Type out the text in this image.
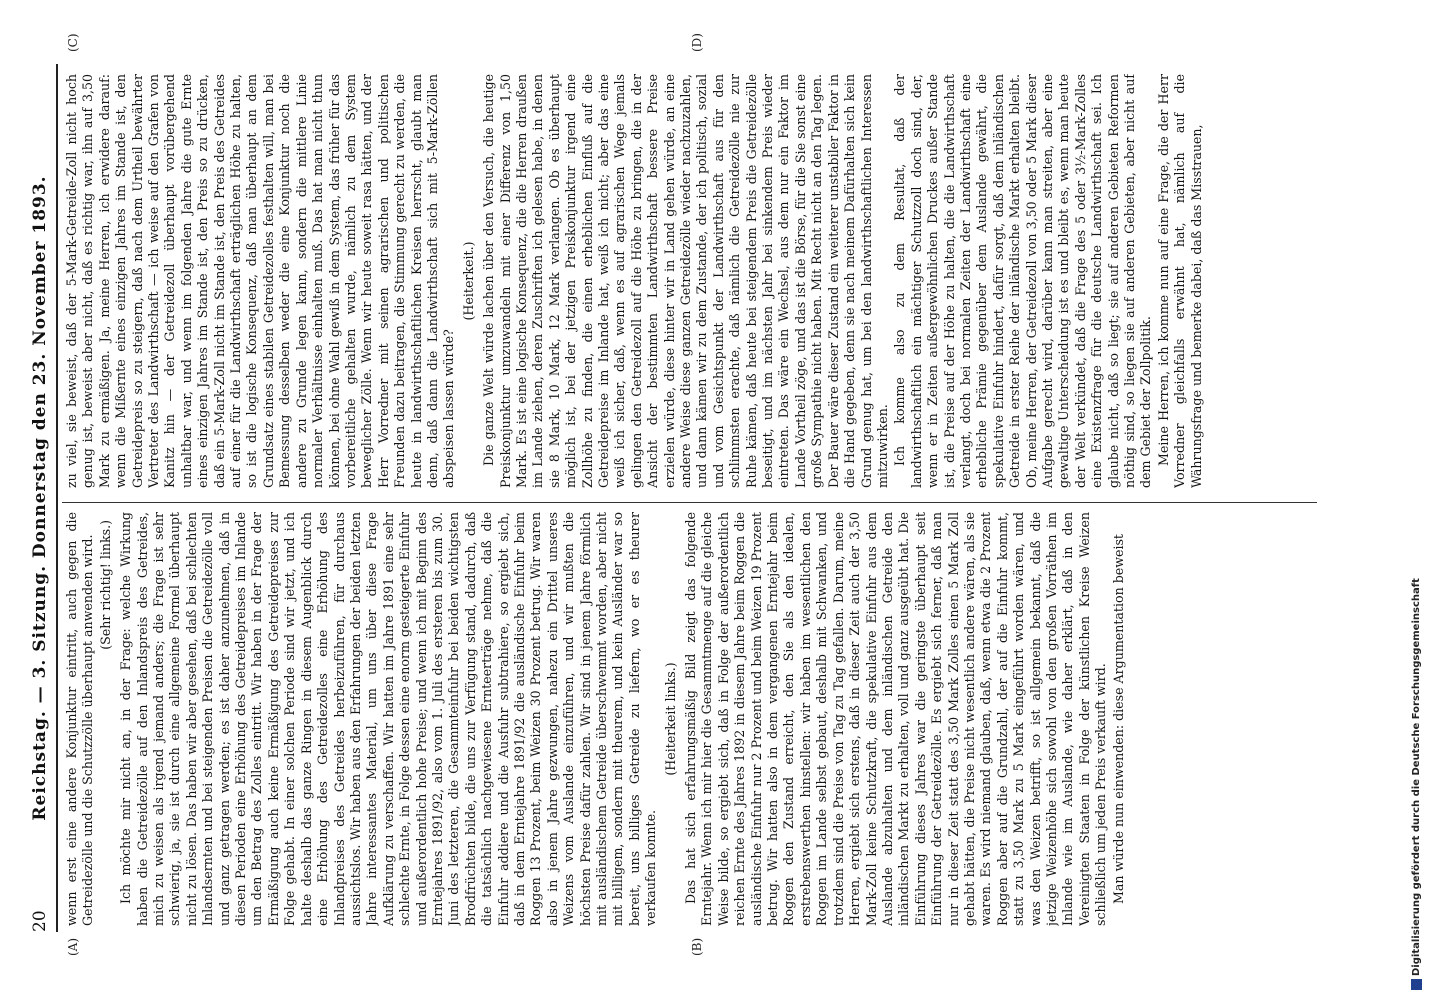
20
Reichstag. — 3. Sitzung. Donnerstag den 23. November 1893.
(A)	(B)
(C)	(D)

wenn erst eine andere Konjunktur eintritt, auch gegen die Getreidezölle und die Schutzzölle überhaupt anwenden wird. (Sehr richtig! links.) Ich möchte mir nicht an, in der Frage: welche Wirkung haben die Getreidezölle auf den Inlandspreis des Getreides, mich zu weisen als irgend jemand anders; die Frage ist sehr schwierig, ja, sie ist durch eine allgemeine Formel überhaupt nicht zu lösen. Das haben wir aber gesehen, daß bei schlechten Inlandsernten und bei steigenden Preisen die Getreidezölle voll und ganz getragen werden; es ist daher anzunehmen, daß in diesen Perioden eine Erhöhung des Getreidepreises im Inlande um den Betrag des Zolles eintritt. Wir haben in der Frage der Ermäßigung auch keine Ermäßigung des Getreidepreises zur Folge gehabt. In einer solchen Periode sind wir jetzt, und ich halte deshalb das ganze Ringen in diesem Augenblick durch eine Erhöhung des Getreidezolles eine Erhöhung des Inlandpreises des Getreides herbeizuführen, für durchaus aussichtslos. Wir haben aus den Erfahrungen der beiden letzten Jahre interessantes Material, um uns über diese Frage Aufklärung zu verschaffen. Wir hatten im Jahre 1891 eine sehr schlechte Ernte, in Folge dessen eine enorm gesteigerte Einfuhr und außerordentlich hohe Preise; und wenn ich mit Beginn des Erntejahres 1891/92, also vom 1. Juli des ersteren bis zum 30. Juni des letzteren, die Gesammteinfuhr bei beiden wichtigsten Brodfrüchten bilde, die uns zur Verfügung stand, dadurch, daß die tatsächlich nachgewiesene Ernteerträge nehme, daß die Einfuhr addiere und die Ausfuhr subtrahiere, so ergiebt sich, daß in dem Erntejahre 1891/92 die ausländische Einfuhr beim Roggen 13 Prozent, beim Weizen 30 Prozent betrug. Wir waren also in jenem Jahre gezwungen, nahezu ein Drittel unseres Weizens vom Auslande einzuführen, und wir mußten die höchsten Preise dafür zahlen. Wir sind in jenem Jahre förmlich mit ausländischem Getreide überschwemmt worden, aber nicht mit billigem, sondern mit theurem, und kein Ausländer war so bereit, uns billiges Getreide zu liefern, wo er es theurer verkaufen konnte.

(Heiterkeit links.) Das hat sich erfahrungsmäßig Bild zeigt das folgende Erntejahr. Wenn ich mir hier die Gesammtmenge auf die gleiche Weise bilde, so ergiebt sich, daß in Folge der außerordentlich reichen Ernte des Jahres 1892 in diesem Jahre beim Roggen die ausländische Einfuhr nur 2 Prozent und beim Weizen 19 Prozent betrug. Wir hatten also in dem vergangenen Erntejahr beim Roggen den Zustand erreicht, den Sie als den idealen, erstrebenswerthen hinstellen: wir haben im wesentlichen den Roggen im Lande selbst gebaut, deshalb mit Schwanken, und trotzdem sind die Preise von Tag zu Tag gefallen. Darum, meine Herren, ergiebt sich erstens, daß in dieser Zeit auch der 3,50 Mark-Zoll keine Schutzkraft, die spekulative Einfuhr aus dem Auslande abzuhalten und dem inländischen Getreide den inländischen Markt zu erhalten, voll und ganz ausgeübt hat. Die Einführung dieses Jahres war die geringste überhaupt seit Einführung der Getreidezölle. Es ergiebt sich ferner, daß man nur in dieser Zeit statt des 3,50 Mark Zolles einen 5 Mark Zoll gehabt hätten, die Preise nicht wesentlich andere wären, als sie waren. Es wird niemand glauben, daß, wenn etwa die 2 Prozent Roggen aber auf die Grundzahl, der auf die Einfuhr kommt, statt zu 3,50 Mark zu 5 Mark eingeführt worden wären, und was den Weizen betrifft, so ist allgemein bekannt, daß die jetzige Weizenhöhe sich sowohl von den großen Vorräthen im Inlande wie im Auslande, wie daher erklärt, daß in den Vereinigten Staaten in Folge der künstlichen Kreise Weizen schließlich um jeden Preis verkauft wird. Man würde nun einwenden: diese Argumentation beweist

zu viel, sie beweist, daß der 5-Mark-Getreide-Zoll nicht hoch genug ist, beweist aber nicht, daß es richtig war, ihn auf 3,50 Mark zu ermäßigen. Ja, meine Herren, ich erwidere darauf: wenn die Mißernte eines einzigen Jahres im Stande ist, den Getreidepreis so zu steigern, daß nach dem Urtheil bewährter Vertreter des Landwirthschaft — ich weise auf den Grafen von Kanitz hin — der Getreidezoll überhaupt vorübergehend unhaltbar war, und wenn im folgenden Jahre die gute Ernte eines einzigen Jahres im Stande ist, den Preis so zu drücken, daß ein 5-Mark-Zoll nicht im Stande ist, den Preis des Getreides auf einer für die Landwirthschaft erträglichen Höhe zu halten, so ist die logische Konsequenz, daß man überhaupt an dem Grundsatz eines stabilen Getreidezolles festhalten will, man bei Bemessung desselben weder die eine Konjunktur noch die andere zu Grunde legen kann, sondern die mittlere Linie normaler Verhältnisse einhalten muß. Das hat man nicht thun können, bei ohne Wahl gewiß in dem System, das früher für das vorbereitliche gehalten wurde, nämlich zu dem System beweglicher Zölle. Wenn wir heute soweit rasa hätten, und der Herr Vorredner mit seinen agrarischen und politischen Freunden dazu beitragen, die Stimmung gerecht zu werden, die heute in landwirthschaftlichen Kreisen herrscht, glaubt man denn, daß dann die Landwirthschaft sich mit 5-Mark-Zöllen abspeisen lassen würde?

(Heiterkeit.) Die ganze Welt würde lachen über den Versuch, die heutige Preiskonjunktur umzuwandeln mit einer Differenz von 1,50 Mark. Es ist eine logische Konsequenz, die die Herren draußen im Lande ziehen, deren Zuschriften ich gelesen habe, in denen sie 8 Mark, 10 Mark, 12 Mark verlangen. Ob es überhaupt möglich ist, bei der jetzigen Preiskonjunktur irgend eine Zollhöhe zu finden, die einen erheblichen Einfluß auf die Getreidepreise im Inlande hat, weiß ich nicht; aber das eine weiß ich sicher, daß, wenn es auf agrarischen Wege jemals gelingen den Getreidezoll auf die Höhe zu bringen, die in der Ansicht der bestimmten Landwirthschaft bessere Preise erzielen würde, diese hinter wir in Land gehen würde, an eine andere Weise diese ganzen Getreidezölle wieder nachzuzahlen, und dann kämen wir zu dem Zustande, der ich politisch, sozial und vom Gesichtspunkt der Landwirthschaft aus für den schlimmsten erachte, daß nämlich die Getreidezölle nie zur Ruhe kämen, daß heute bei steigendem Preis die Getreidezölle beseitigt, und im nächsten Jahr bei sinkendem Preis wieder eintreten. Das wäre ein Wechsel, aus dem nur ein Faktor im Lande Vortheil zöge, und das ist die Börse, für die Sie sonst eine große Sympathie nicht haben. Mit Recht nicht an den Tag legen. Der Bauer wäre dieser Zustand ein weiterer unstabiler Faktor in die Hand gegeben, denn sie nach meinem Dafürhalten sich kein Grund genug hat, um bei den landwirthschaftlichen Interessen mitzuwirken. Ich komme also zu dem Resultat, daß der landwirthschaftlich ein mächtiger Schutzzoll doch sind, der, wenn er in Zeiten außergewöhnlichen Druckes außer Stande ist, die Preise auf der Höhe zu halten, die die Landwirthschaft verlangt, doch bei normalen Zeiten der Landwirthschaft eine erhebliche Prämie gegenüber dem Auslande gewährt, die spekulative Einfuhr hindert, dafür sorgt, daß dem inländischen Getreide in erster Reihe der inländische Markt erhalten bleibt. Ob, meine Herren, der Getreidezoll von 3,50 oder 5 Mark dieser Aufgabe gerecht wird, darüber kann man streiten, aber eine gewaltige Unterscheidung ist es und bleibt es, wenn man heute der Welt verkündet, daß die Frage des 5 oder 3½-Mark-Zolles eine Existenzfrage für die deutsche Landwirthschaft sei. Ich glaube nicht, daß so liegt; sie auf anderen Gebieten Reformen nöthig sind, so liegen sie auf anderen Gebieten, aber nicht auf dem Gebiet der Zollpolitik. Meine Herren, ich komme nun auf eine Frage, die der Herr Vorredner gleichfalls erwähnt hat, nämlich auf die Währungsfrage und bemerke dabei, daß das Misstrauen,

Digitalisierung gefördert durch die Deutsche Forschungsgemeinschaft
